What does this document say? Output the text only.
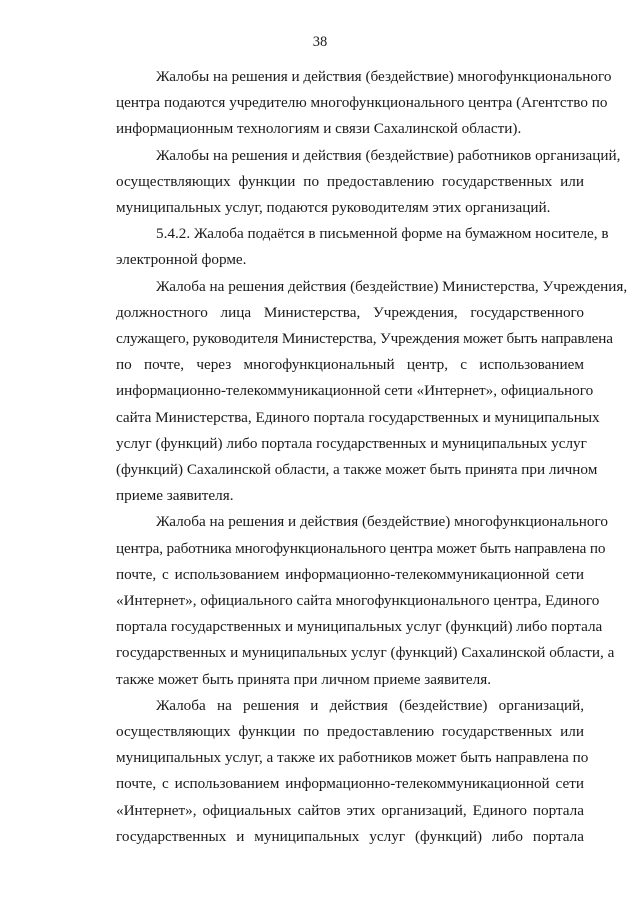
38
Жалобы на решения и действия (бездействие) многофункционального
центра подаются учредителю многофункционального центра (Агентство по
информационным технологиям и связи Сахалинской области).
Жалобы на решения и действия (бездействие) работников организаций,
осуществляющих функции по предоставлению государственных или
муниципальных услуг, подаются руководителям этих организаций.
5.4.2. Жалоба подаётся в письменной форме на бумажном носителе, в
электронной форме.
Жалоба на решения действия (бездействие) Министерства, Учреждения,
должностного лица Министерства, Учреждения, государственного
служащего, руководителя Министерства, Учреждения может быть направлена
по почте, через многофункциональный центр, с использованием
информационно-телекоммуникационной сети «Интернет», официального
сайта Министерства, Единого портала государственных и муниципальных
услуг (функций) либо портала государственных и муниципальных услуг
(функций) Сахалинской области, а также может быть принята при личном
приеме заявителя.
Жалоба на решения и действия (бездействие) многофункционального
центра, работника многофункционального центра может быть направлена по
почте, с использованием информационно-телекоммуникационной сети
«Интернет», официального сайта многофункционального центра, Единого
портала государственных и муниципальных услуг (функций) либо портала
государственных и муниципальных услуг (функций) Сахалинской области, а
также может быть принята при личном приеме заявителя.
Жалоба на решения и действия (бездействие) организаций,
осуществляющих функции по предоставлению государственных или
муниципальных услуг, а также их работников может быть направлена по
почте, с использованием информационно-телекоммуникационной сети
«Интернет», официальных сайтов этих организаций, Единого портала
государственных и муниципальных услуг (функций) либо портала
